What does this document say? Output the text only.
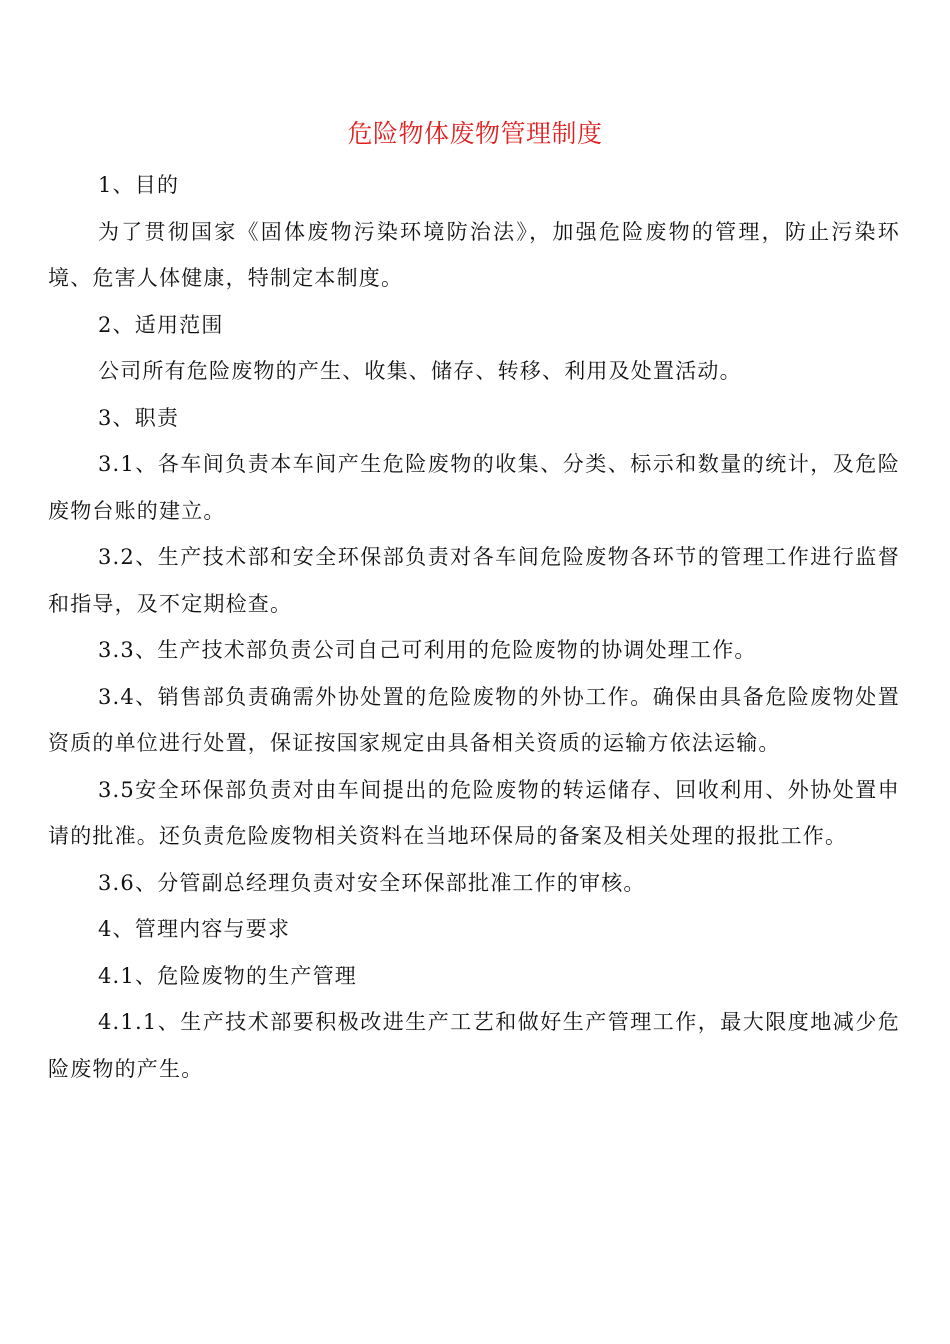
危险物体废物管理制度

1、目的

为了贯彻国家《固体废物污染环境防治法》，加强危险废物的管理，防止污染环境、危害人体健康，特制定本制度。

2、适用范围

公司所有危险废物的产生、收集、储存、转移、利用及处置活动。

3、职责

3.1、各车间负责本车间产生危险废物的收集、分类、标示和数量的统计，及危险废物台账的建立。

3.2、生产技术部和安全环保部负责对各车间危险废物各环节的管理工作进行监督和指导，及不定期检查。

3.3、生产技术部负责公司自己可利用的危险废物的协调处理工作。

3.4、销售部负责确需外协处置的危险废物的外协工作。确保由具备危险废物处置资质的单位进行处置，保证按国家规定由具备相关资质的运输方依法运输。

3.5安全环保部负责对由车间提出的危险废物的转运储存、回收利用、外协处置申请的批准。还负责危险废物相关资料在当地环保局的备案及相关处理的报批工作。

3.6、分管副总经理负责对安全环保部批准工作的审核。

4、管理内容与要求

4.1、危险废物的生产管理

4.1.1、生产技术部要积极改进生产工艺和做好生产管理工作，最大限度地减少危险废物的产生。
